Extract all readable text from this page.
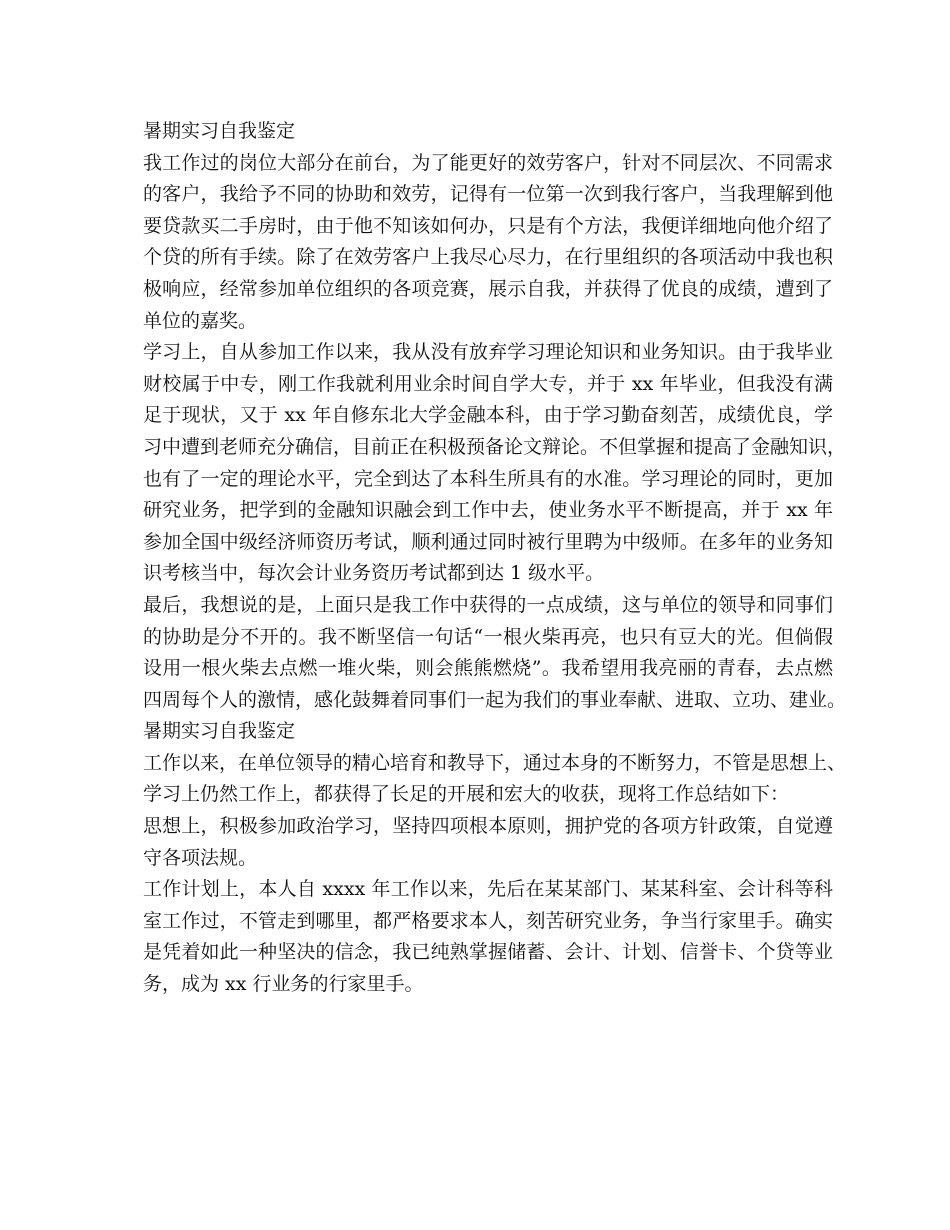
暑期实习自我鉴定
我工作过的岗位大部分在前台，为了能更好的效劳客户，针对不同层次、不同需求
的客户，我给予不同的协助和效劳，记得有一位第一次到我行客户，当我理解到他
要贷款买二手房时，由于他不知该如何办，只是有个方法，我便详细地向他介绍了
个贷的所有手续。除了在效劳客户上我尽心尽力，在行里组织的各项活动中我也积
极响应，经常参加单位组织的各项竞赛，展示自我，并获得了优良的成绩，遭到了
单位的嘉奖。
学习上，自从参加工作以来，我从没有放弃学习理论知识和业务知识。由于我毕业
财校属于中专，刚工作我就利用业余时间自学大专，并于 xx 年毕业，但我没有满
足于现状，又于 xx 年自修东北大学金融本科，由于学习勤奋刻苦，成绩优良，学
习中遭到老师充分确信，目前正在积极预备论文辩论。不但掌握和提高了金融知识，
也有了一定的理论水平，完全到达了本科生所具有的水准。学习理论的同时，更加
研究业务，把学到的金融知识融会到工作中去，使业务水平不断提高，并于 xx 年
参加全国中级经济师资历考试，顺利通过同时被行里聘为中级师。在多年的业务知
识考核当中，每次会计业务资历考试都到达 1 级水平。
最后，我想说的是，上面只是我工作中获得的一点成绩，这与单位的领导和同事们
的协助是分不开的。我不断坚信一句话“一根火柴再亮，也只有豆大的光。但倘假
设用一根火柴去点燃一堆火柴，则会熊熊燃烧”。我希望用我亮丽的青春，去点燃
四周每个人的激情，感化鼓舞着同事们一起为我们的事业奉献、进取、立功、建业。
暑期实习自我鉴定
工作以来，在单位领导的精心培育和教导下，通过本身的不断努力，不管是思想上、
学习上仍然工作上，都获得了长足的开展和宏大的收获，现将工作总结如下：
思想上，积极参加政治学习，坚持四项根本原则，拥护党的各项方针政策，自觉遵
守各项法规。
工作计划上，本人自 xxxx 年工作以来，先后在某某部门、某某科室、会计科等科
室工作过，不管走到哪里，都严格要求本人，刻苦研究业务，争当行家里手。确实
是凭着如此一种坚决的信念，我已纯熟掌握储蓄、会计、计划、信誉卡、个贷等业
务，成为 xx 行业务的行家里手。
